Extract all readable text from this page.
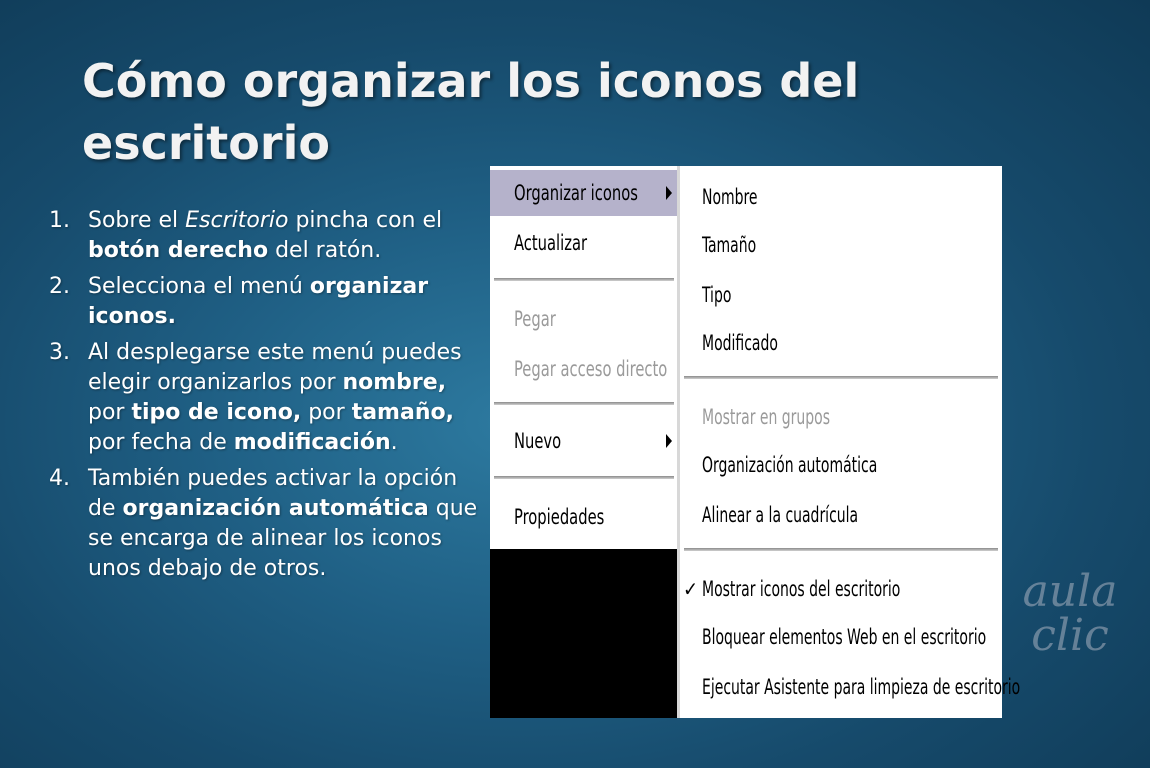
Cómo organizar los iconos del escritorio
1. Sobre el Escritorio pincha con el botón derecho del ratón.
2. Selecciona el menú organizar iconos.
3. Al desplegarse este menú puedes elegir organizarlos por nombre, por tipo de icono, por tamaño, por fecha de modificación.
4. También puedes activar la opción de organización automática que se encarga de alinear los iconos unos debajo de otros.
Organizar iconos
Actualizar
Pegar
Pegar acceso directo
Nuevo
Propiedades
aula
clic
Nombre
Tamaño
Tipo
Modificado
Mostrar en grupos
Organización automática
Alinear a la cuadrícula
✓ Mostrar iconos del escritorio
Bloquear elementos Web en el escritorio
Ejecutar Asistente para limpieza de escritorio
